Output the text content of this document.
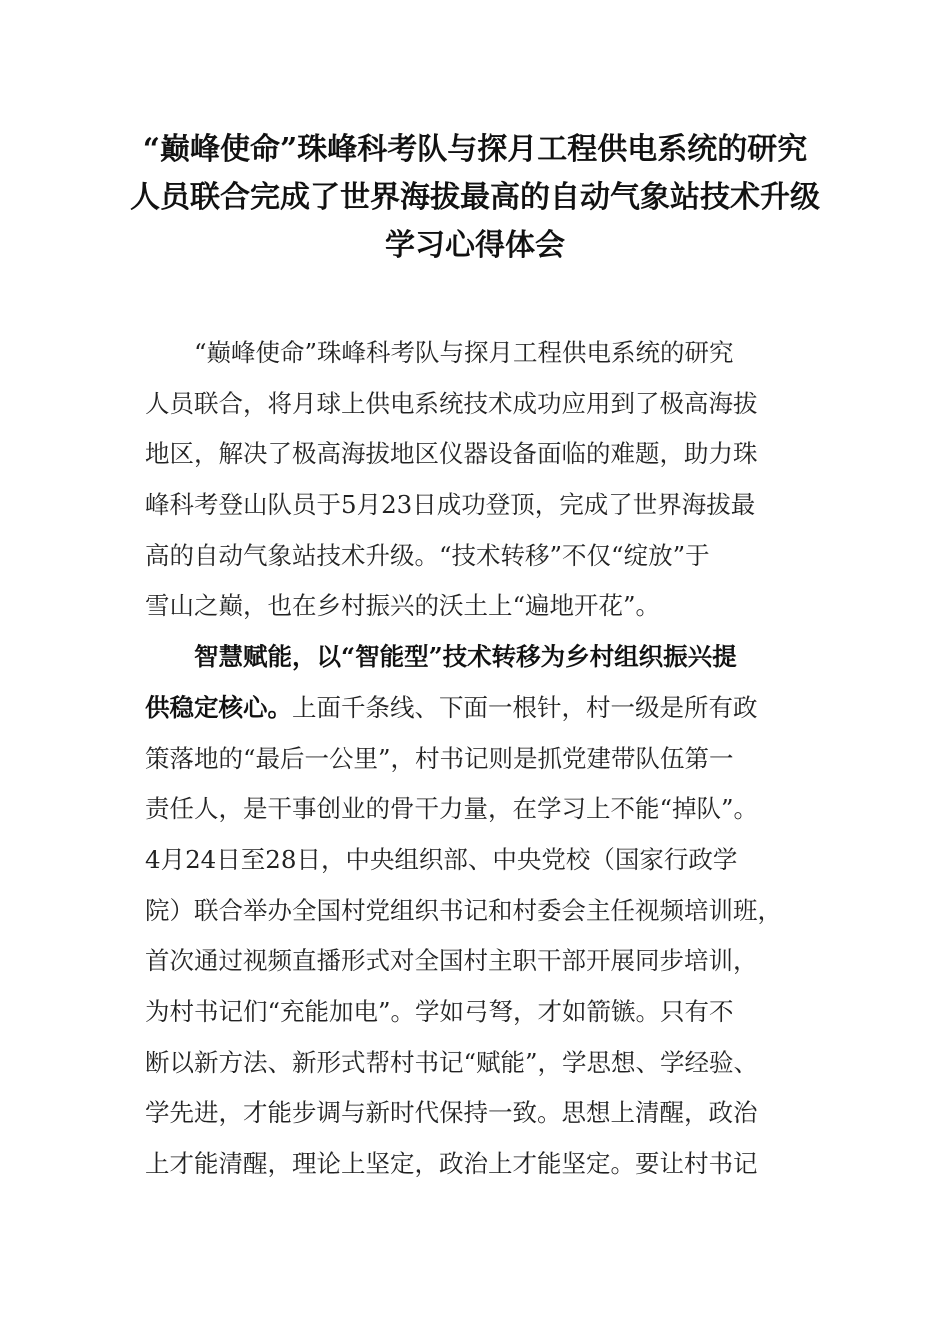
“巅峰使命”珠峰科考队与探月工程供电系统的研究
人员联合完成了世界海拔最高的自动气象站技术升级
学习心得体会
“巅峰使命”珠峰科考队与探月工程供电系统的研究
人员联合，将月球上供电系统技术成功应用到了极高海拔
地区，解决了极高海拔地区仪器设备面临的难题，助力珠
峰科考登山队员于5月23日成功登顶，完成了世界海拔最
高的自动气象站技术升级。“技术转移”不仅“绽放”于
雪山之巅，也在乡村振兴的沃土上“遍地开花”。
智慧赋能，以“智能型”技术转移为乡村组织振兴提
供稳定核心。上面千条线、下面一根针，村一级是所有政
策落地的“最后一公里”，村书记则是抓党建带队伍第一
责任人，是干事创业的骨干力量，在学习上不能“掉队”。
4月24日至28日，中央组织部、中央党校（国家行政学
院）联合举办全国村党组织书记和村委会主任视频培训班，
首次通过视频直播形式对全国村主职干部开展同步培训，
为村书记们“充能加电”。学如弓弩，才如箭镞。只有不
断以新方法、新形式帮村书记“赋能”，学思想、学经验、
学先进，才能步调与新时代保持一致。思想上清醒，政治
上才能清醒，理论上坚定，政治上才能坚定。要让村书记
